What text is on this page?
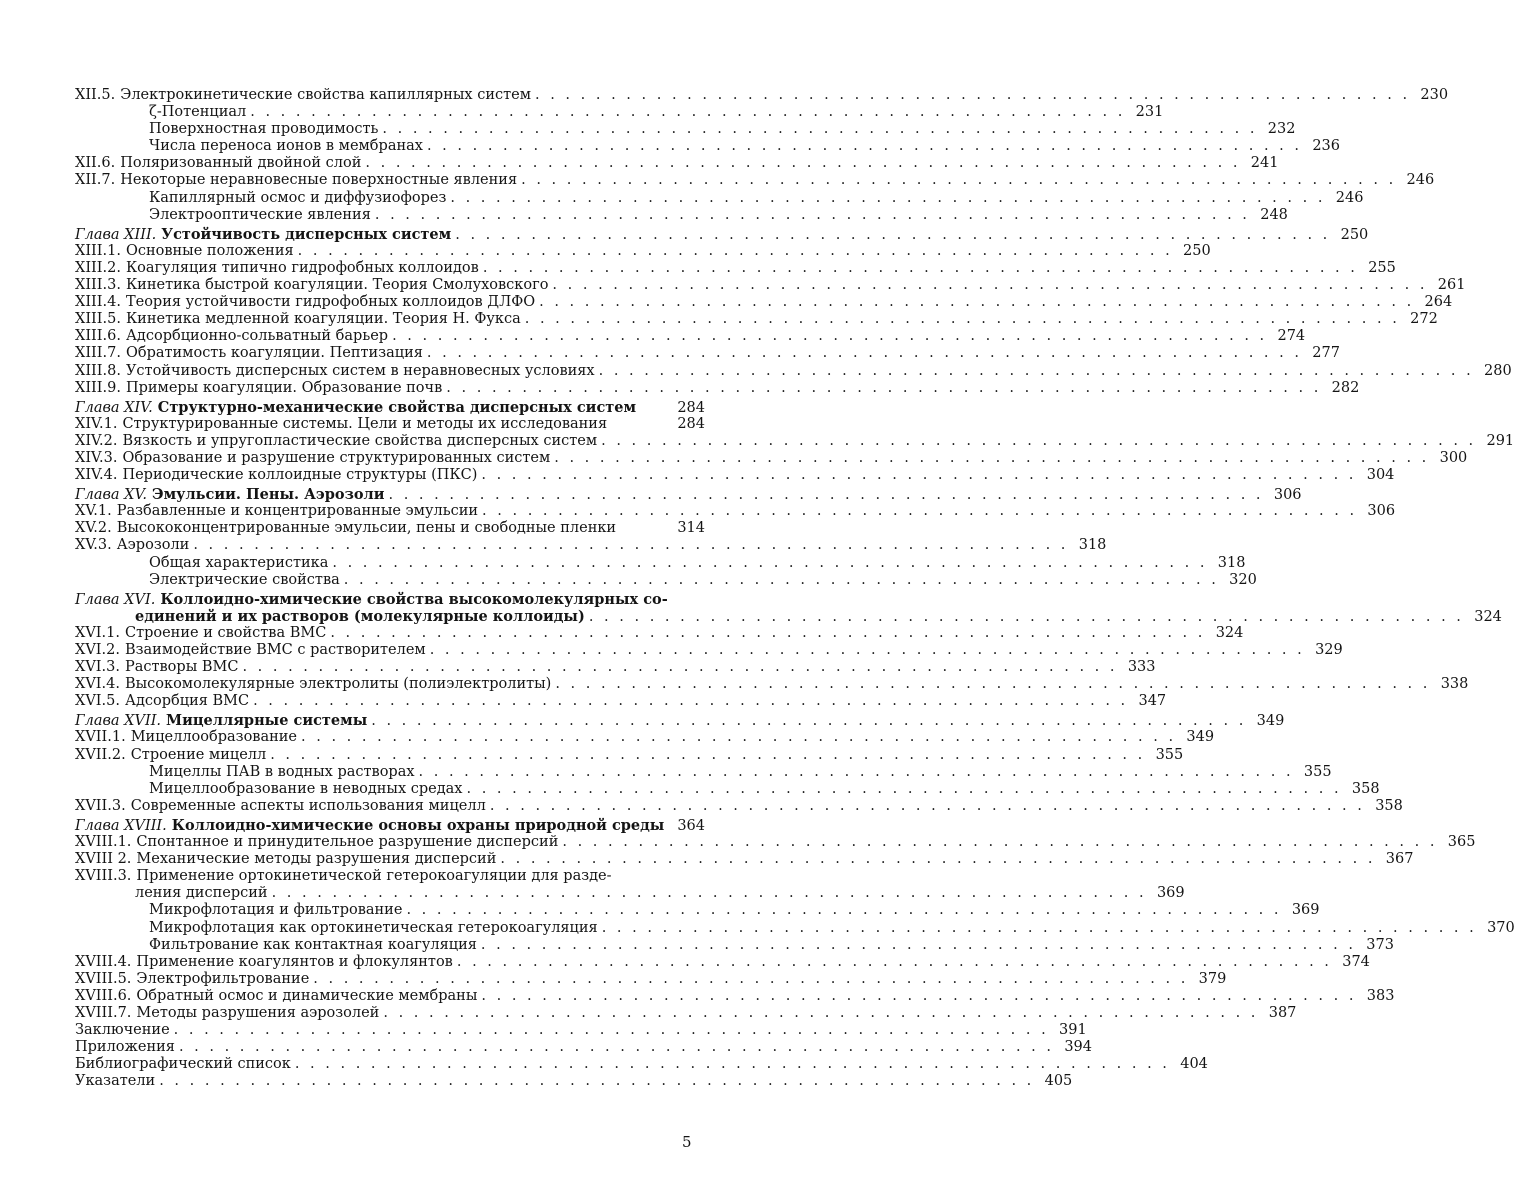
XII.5. Электрокинетические свойства капиллярных систем . . . . . . . . . . . . . . . . . . . . . . . . . . . . . . . . . . . . . . . . . . . . . . . . . . . . . . . . . . 230
ζ-Потенциал . . . . . . . . . . . . . . . . . . . . . . . . . . . . . . . . . . . . . . . . . . . . . . . . . . . . . . . . . . 231
Поверхностная проводимость . . . . . . . . . . . . . . . . . . . . . . . . . . . . . . . . . . . . . . . . . . . . . . . . . . . . . . . . . . 232
Числа переноса ионов в мембранах . . . . . . . . . . . . . . . . . . . . . . . . . . . . . . . . . . . . . . . . . . . . . . . . . . . . . . . . . . 236
XII.6. Поляризованный двойной слой . . . . . . . . . . . . . . . . . . . . . . . . . . . . . . . . . . . . . . . . . . . . . . . . . . . . . . . . . . 241
XII.7. Некоторые неравновесные поверхностные явления . . . . . . . . . . . . . . . . . . . . . . . . . . . . . . . . . . . . . . . . . . . . . . . . . . . . . . . . . . 246
Капиллярный осмос и диффузиофорез . . . . . . . . . . . . . . . . . . . . . . . . . . . . . . . . . . . . . . . . . . . . . . . . . . . . . . . . . . 246
Электрооптические явления . . . . . . . . . . . . . . . . . . . . . . . . . . . . . . . . . . . . . . . . . . . . . . . . . . . . . . . . . . 248
Глава XIII. Устойчивость дисперсных систем . . . . . . . . . . . . . . . . . . . . . . . . . . . . . . . . . . . . . . . . . . . . . . . . . . . . . . . . . . 250
XIII.1. Основные положения . . . . . . . . . . . . . . . . . . . . . . . . . . . . . . . . . . . . . . . . . . . . . . . . . . . . . . . . . . 250
XIII.2. Коагуляция типично гидрофобных коллоидов . . . . . . . . . . . . . . . . . . . . . . . . . . . . . . . . . . . . . . . . . . . . . . . . . . . . . . . . . . 255
XIII.3. Кинетика быстрой коагуляции. Теория Смолуховского . . . . . . . . . . . . . . . . . . . . . . . . . . . . . . . . . . . . . . . . . . . . . . . . . . . . . . . . . . 261
XIII.4. Теория устойчивости гидрофобных коллоидов ДЛФО . . . . . . . . . . . . . . . . . . . . . . . . . . . . . . . . . . . . . . . . . . . . . . . . . . . . . . . . . . 264
XIII.5. Кинетика медленной коагуляции. Теория Н. Фукса . . . . . . . . . . . . . . . . . . . . . . . . . . . . . . . . . . . . . . . . . . . . . . . . . . . . . . . . . . 272
XIII.6. Адсорбционно-сольватный барьер . . . . . . . . . . . . . . . . . . . . . . . . . . . . . . . . . . . . . . . . . . . . . . . . . . . . . . . . . . 274
XIII.7. Обратимость коагуляции. Пептизация . . . . . . . . . . . . . . . . . . . . . . . . . . . . . . . . . . . . . . . . . . . . . . . . . . . . . . . . . . 277
XIII.8. Устойчивость дисперсных систем в неравновесных условиях . . . . . . . . . . . . . . . . . . . . . . . . . . . . . . . . . . . . . . . . . . . . . . . . . . . . . . . . . . 280
XIII.9. Примеры коагуляции. Образование почв . . . . . . . . . . . . . . . . . . . . . . . . . . . . . . . . . . . . . . . . . . . . . . . . . . . . . . . . . . 282
Глава XIV. Структурно-механические свойства дисперсных систем	284
XIV.1. Структурированные системы. Цели и методы их исследования	284
XIV.2. Вязкость и упругопластические свойства дисперсных систем . . . . . . . . . . . . . . . . . . . . . . . . . . . . . . . . . . . . . . . . . . . . . . . . . . . . . . . . . . 291
XIV.3. Образование и разрушение структурированных систем . . . . . . . . . . . . . . . . . . . . . . . . . . . . . . . . . . . . . . . . . . . . . . . . . . . . . . . . . . 300
XIV.4. Периодические коллоидные структуры (ПКС) . . . . . . . . . . . . . . . . . . . . . . . . . . . . . . . . . . . . . . . . . . . . . . . . . . . . . . . . . . 304
Глава XV. Эмульсии. Пены. Аэрозоли . . . . . . . . . . . . . . . . . . . . . . . . . . . . . . . . . . . . . . . . . . . . . . . . . . . . . . . . . . 306
XV.1. Разбавленные и концентрированные эмульсии . . . . . . . . . . . . . . . . . . . . . . . . . . . . . . . . . . . . . . . . . . . . . . . . . . . . . . . . . . 306
XV.2. Высококонцентрированные эмульсии, пены и свободные пленки	314
XV.3. Аэрозоли . . . . . . . . . . . . . . . . . . . . . . . . . . . . . . . . . . . . . . . . . . . . . . . . . . . . . . . . . . 318
Общая характеристика . . . . . . . . . . . . . . . . . . . . . . . . . . . . . . . . . . . . . . . . . . . . . . . . . . . . . . . . . . 318
Электрические свойства . . . . . . . . . . . . . . . . . . . . . . . . . . . . . . . . . . . . . . . . . . . . . . . . . . . . . . . . . . 320
Глава XVI. Коллоидно-химические свойства высокомолекулярных со-
единений и их растворов (молекулярные коллоиды) . . . . . . . . . . . . . . . . . . . . . . . . . . . . . . . . . . . . . . . . . . . . . . . . . . . . . . . . . . 324
XVI.1. Строение и свойства ВМС . . . . . . . . . . . . . . . . . . . . . . . . . . . . . . . . . . . . . . . . . . . . . . . . . . . . . . . . . . 324
XVI.2. Взаимодействие ВМС с растворителем . . . . . . . . . . . . . . . . . . . . . . . . . . . . . . . . . . . . . . . . . . . . . . . . . . . . . . . . . . 329
XVI.3. Растворы ВМС . . . . . . . . . . . . . . . . . . . . . . . . . . . . . . . . . . . . . . . . . . . . . . . . . . . . . . . . . . 333
XVI.4. Высокомолекулярные электролиты (полиэлектролиты) . . . . . . . . . . . . . . . . . . . . . . . . . . . . . . . . . . . . . . . . . . . . . . . . . . . . . . . . . . 338
XVI.5. Адсорбция ВМС . . . . . . . . . . . . . . . . . . . . . . . . . . . . . . . . . . . . . . . . . . . . . . . . . . . . . . . . . . 347
Глава XVII. Мицеллярные системы . . . . . . . . . . . . . . . . . . . . . . . . . . . . . . . . . . . . . . . . . . . . . . . . . . . . . . . . . . 349
XVII.1. Мицеллообразование . . . . . . . . . . . . . . . . . . . . . . . . . . . . . . . . . . . . . . . . . . . . . . . . . . . . . . . . . . 349
XVII.2. Строение мицелл . . . . . . . . . . . . . . . . . . . . . . . . . . . . . . . . . . . . . . . . . . . . . . . . . . . . . . . . . . 355
Мицеллы ПАВ в водных растворах . . . . . . . . . . . . . . . . . . . . . . . . . . . . . . . . . . . . . . . . . . . . . . . . . . . . . . . . . . 355
Мицеллообразование в неводных средах . . . . . . . . . . . . . . . . . . . . . . . . . . . . . . . . . . . . . . . . . . . . . . . . . . . . . . . . . . 358
XVII.3. Современные аспекты использования мицелл . . . . . . . . . . . . . . . . . . . . . . . . . . . . . . . . . . . . . . . . . . . . . . . . . . . . . . . . . . 358
Глава XVIII. Коллоидно-химические основы охраны природной среды 364
XVIII.1. Спонтанное и принудительное разрушение дисперсий . . . . . . . . . . . . . . . . . . . . . . . . . . . . . . . . . . . . . . . . . . . . . . . . . . . . . . . . . . 365
XVIII 2. Механические методы разрушения дисперсий . . . . . . . . . . . . . . . . . . . . . . . . . . . . . . . . . . . . . . . . . . . . . . . . . . . . . . . . . . 367
XVIII.3. Применение ортокинетической гетерокоагуляции для разде-
ления дисперсий . . . . . . . . . . . . . . . . . . . . . . . . . . . . . . . . . . . . . . . . . . . . . . . . . . . . . . . . . . 369
Микрофлотация и фильтрование . . . . . . . . . . . . . . . . . . . . . . . . . . . . . . . . . . . . . . . . . . . . . . . . . . . . . . . . . . 369
Микрофлотация как ортокинетическая гетерокоагуляция . . . . . . . . . . . . . . . . . . . . . . . . . . . . . . . . . . . . . . . . . . . . . . . . . . . . . . . . . . 370
Фильтрование как контактная коагуляция . . . . . . . . . . . . . . . . . . . . . . . . . . . . . . . . . . . . . . . . . . . . . . . . . . . . . . . . . . 373
XVIII.4. Применение коагулянтов и флокулянтов . . . . . . . . . . . . . . . . . . . . . . . . . . . . . . . . . . . . . . . . . . . . . . . . . . . . . . . . . . 374
XVIII.5. Электрофильтрование . . . . . . . . . . . . . . . . . . . . . . . . . . . . . . . . . . . . . . . . . . . . . . . . . . . . . . . . . . 379
XVIII.6. Обратный осмос и динамические мембраны . . . . . . . . . . . . . . . . . . . . . . . . . . . . . . . . . . . . . . . . . . . . . . . . . . . . . . . . . . 383
XVIII.7. Методы разрушения аэрозолей . . . . . . . . . . . . . . . . . . . . . . . . . . . . . . . . . . . . . . . . . . . . . . . . . . . . . . . . . . 387
Заключение . . . . . . . . . . . . . . . . . . . . . . . . . . . . . . . . . . . . . . . . . . . . . . . . . . . . . . . . . . 391
Приложения . . . . . . . . . . . . . . . . . . . . . . . . . . . . . . . . . . . . . . . . . . . . . . . . . . . . . . . . . . 394
Библиографический список . . . . . . . . . . . . . . . . . . . . . . . . . . . . . . . . . . . . . . . . . . . . . . . . . . . . . . . . . . 404
Указатели . . . . . . . . . . . . . . . . . . . . . . . . . . . . . . . . . . . . . . . . . . . . . . . . . . . . . . . . . . 405
5
